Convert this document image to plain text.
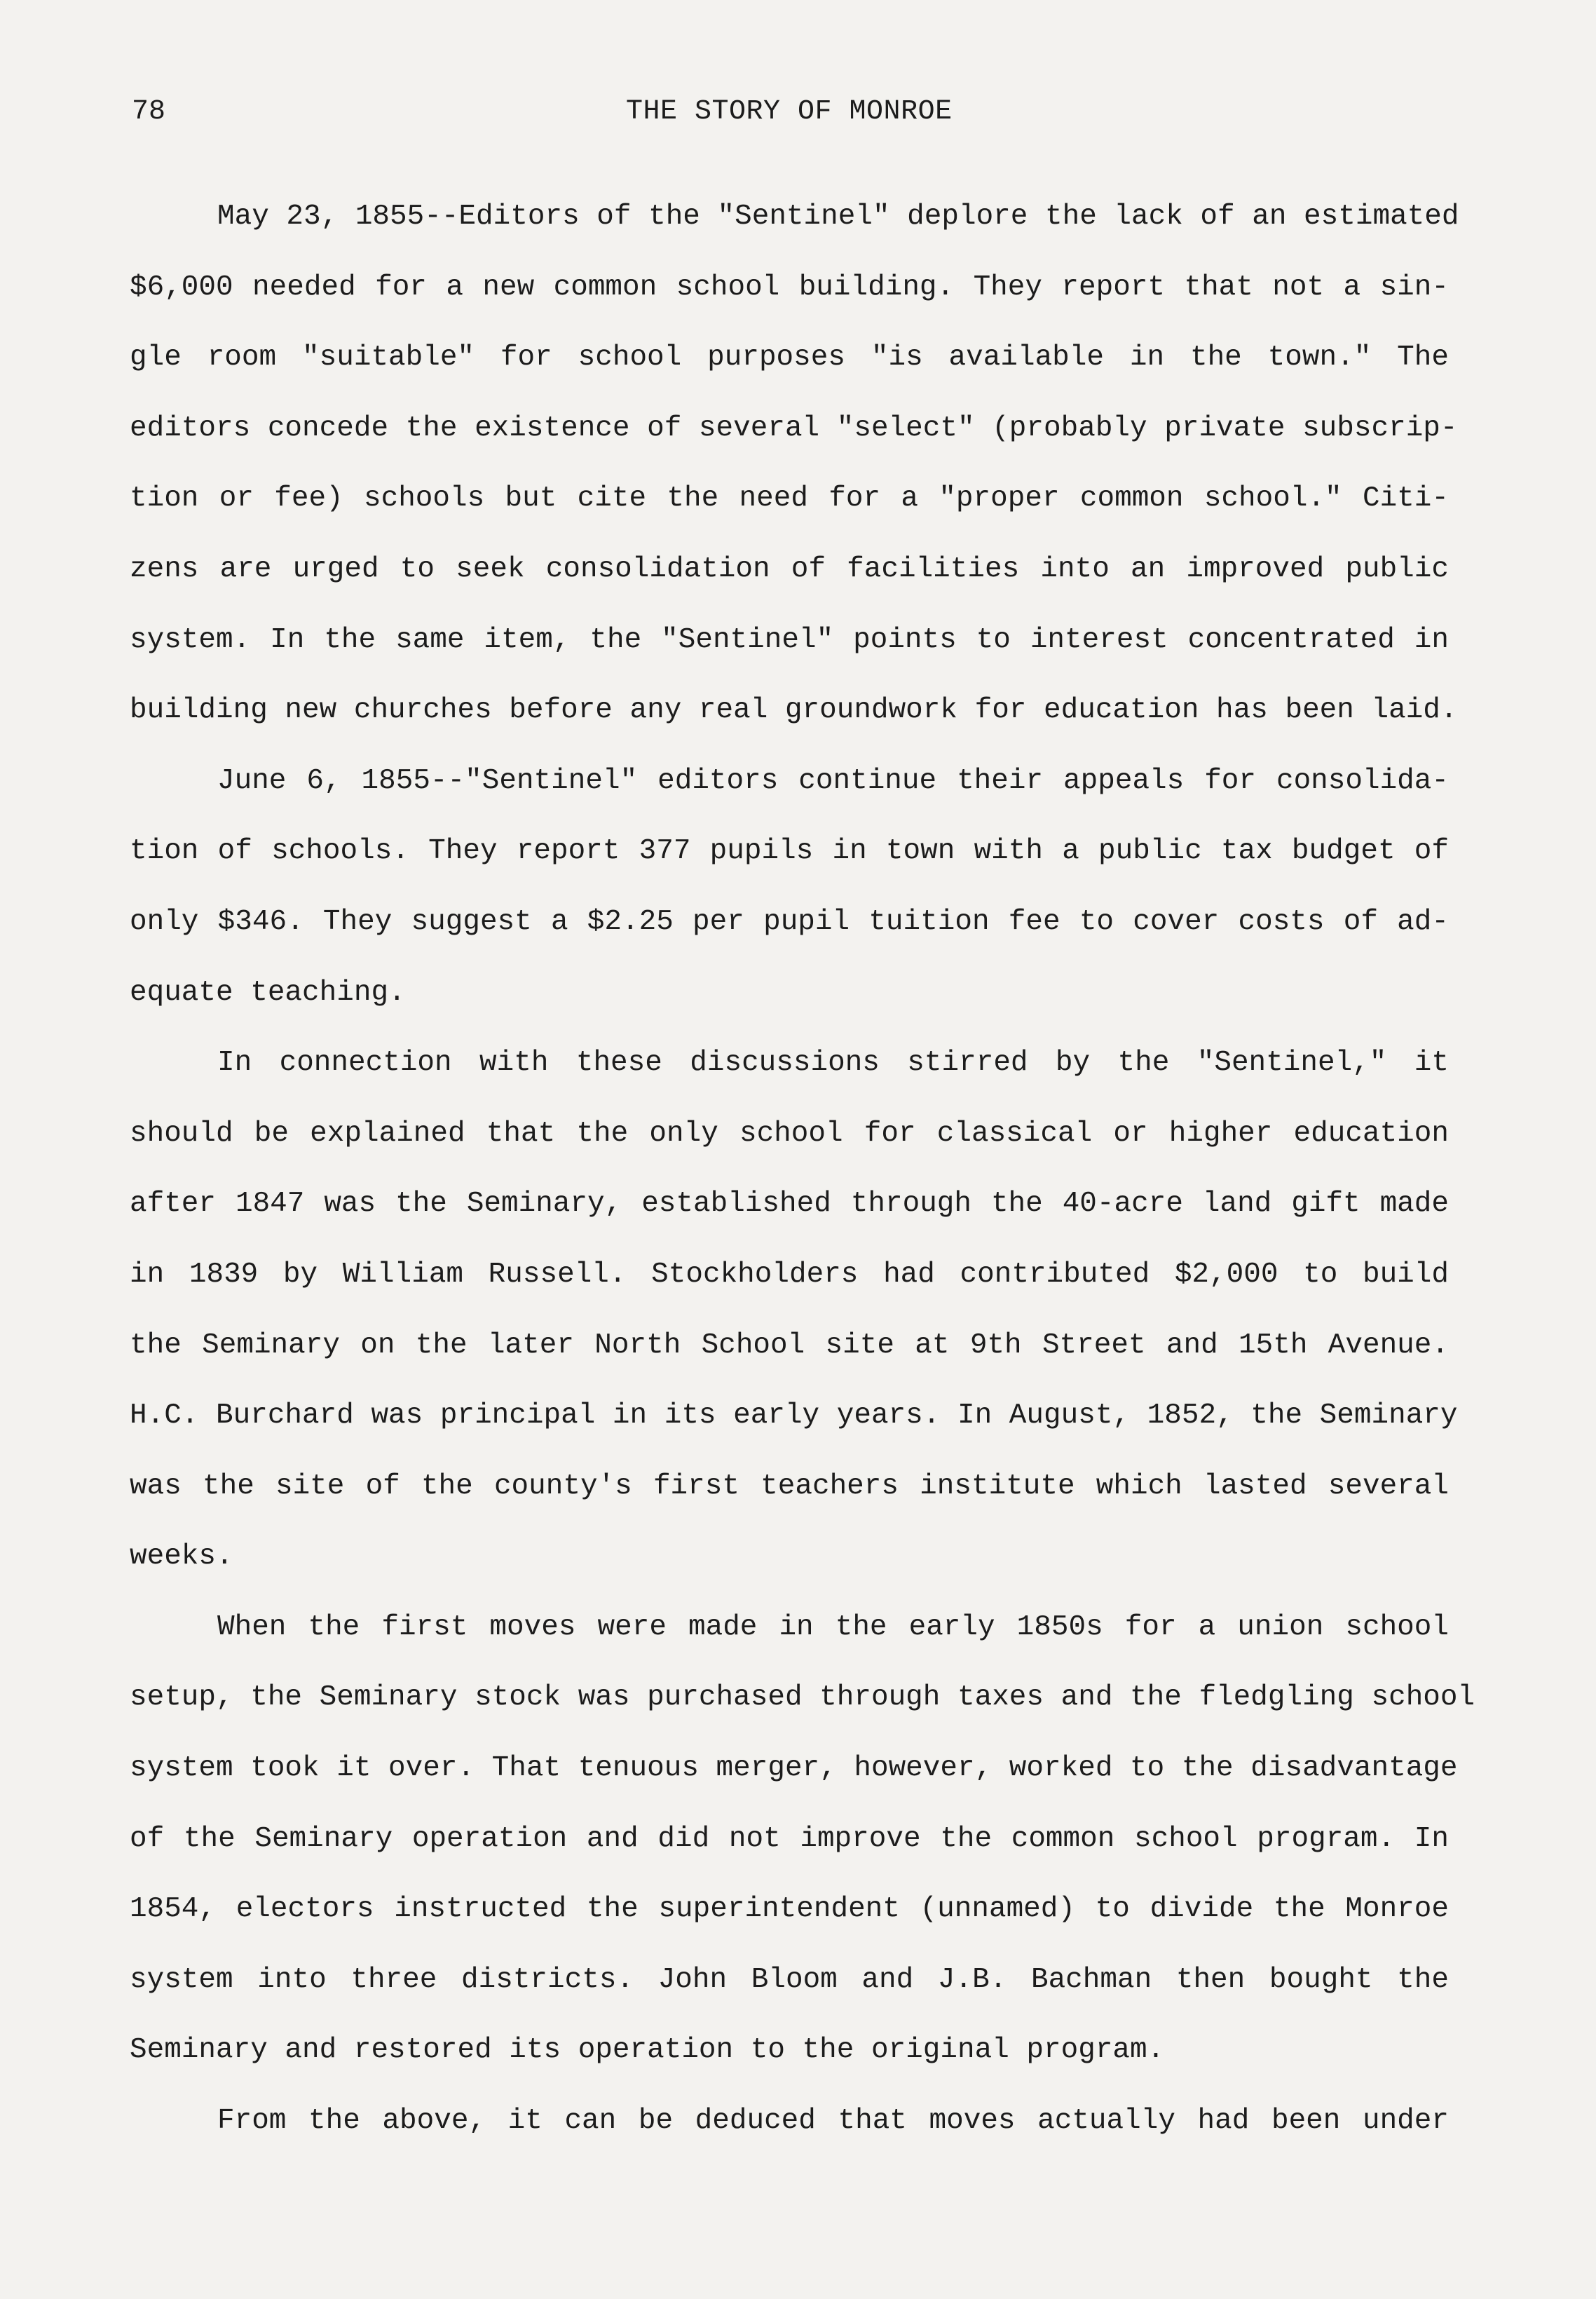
78	THE STORY OF MONROE
May 23, 1855--Editors of the "Sentinel" deplore the lack of an estimated
$6,000 needed for a new common school building. They report that not a sin-
gle room "suitable" for school purposes "is available in the town." The
editors concede the existence of several "select" (probably private subscrip-
tion or fee) schools but cite the need for a "proper common school." Citi-
zens are urged to seek consolidation of facilities into an improved public
system. In the same item, the "Sentinel" points to interest concentrated in
building new churches before any real groundwork for education has been laid.
June 6, 1855--"Sentinel" editors continue their appeals for consolida-
tion of schools. They report 377 pupils in town with a public tax budget of
only $346. They suggest a $2.25 per pupil tuition fee to cover costs of ad-
equate teaching.
In connection with these discussions stirred by the "Sentinel," it
should be explained that the only school for classical or higher education
after 1847 was the Seminary, established through the 40-acre land gift made
in 1839 by William Russell. Stockholders had contributed $2,000 to build
the Seminary on the later North School site at 9th Street and 15th Avenue.
H.C. Burchard was principal in its early years. In August, 1852, the Seminary
was the site of the county's first teachers institute which lasted several
weeks.
When the first moves were made in the early 1850s for a union school
setup, the Seminary stock was purchased through taxes and the fledgling school
system took it over. That tenuous merger, however, worked to the disadvantage
of the Seminary operation and did not improve the common school program. In
1854, electors instructed the superintendent (unnamed) to divide the Monroe
system into three districts. John Bloom and J.B. Bachman then bought the
Seminary and restored its operation to the original program.
From the above, it can be deduced that moves actually had been under
